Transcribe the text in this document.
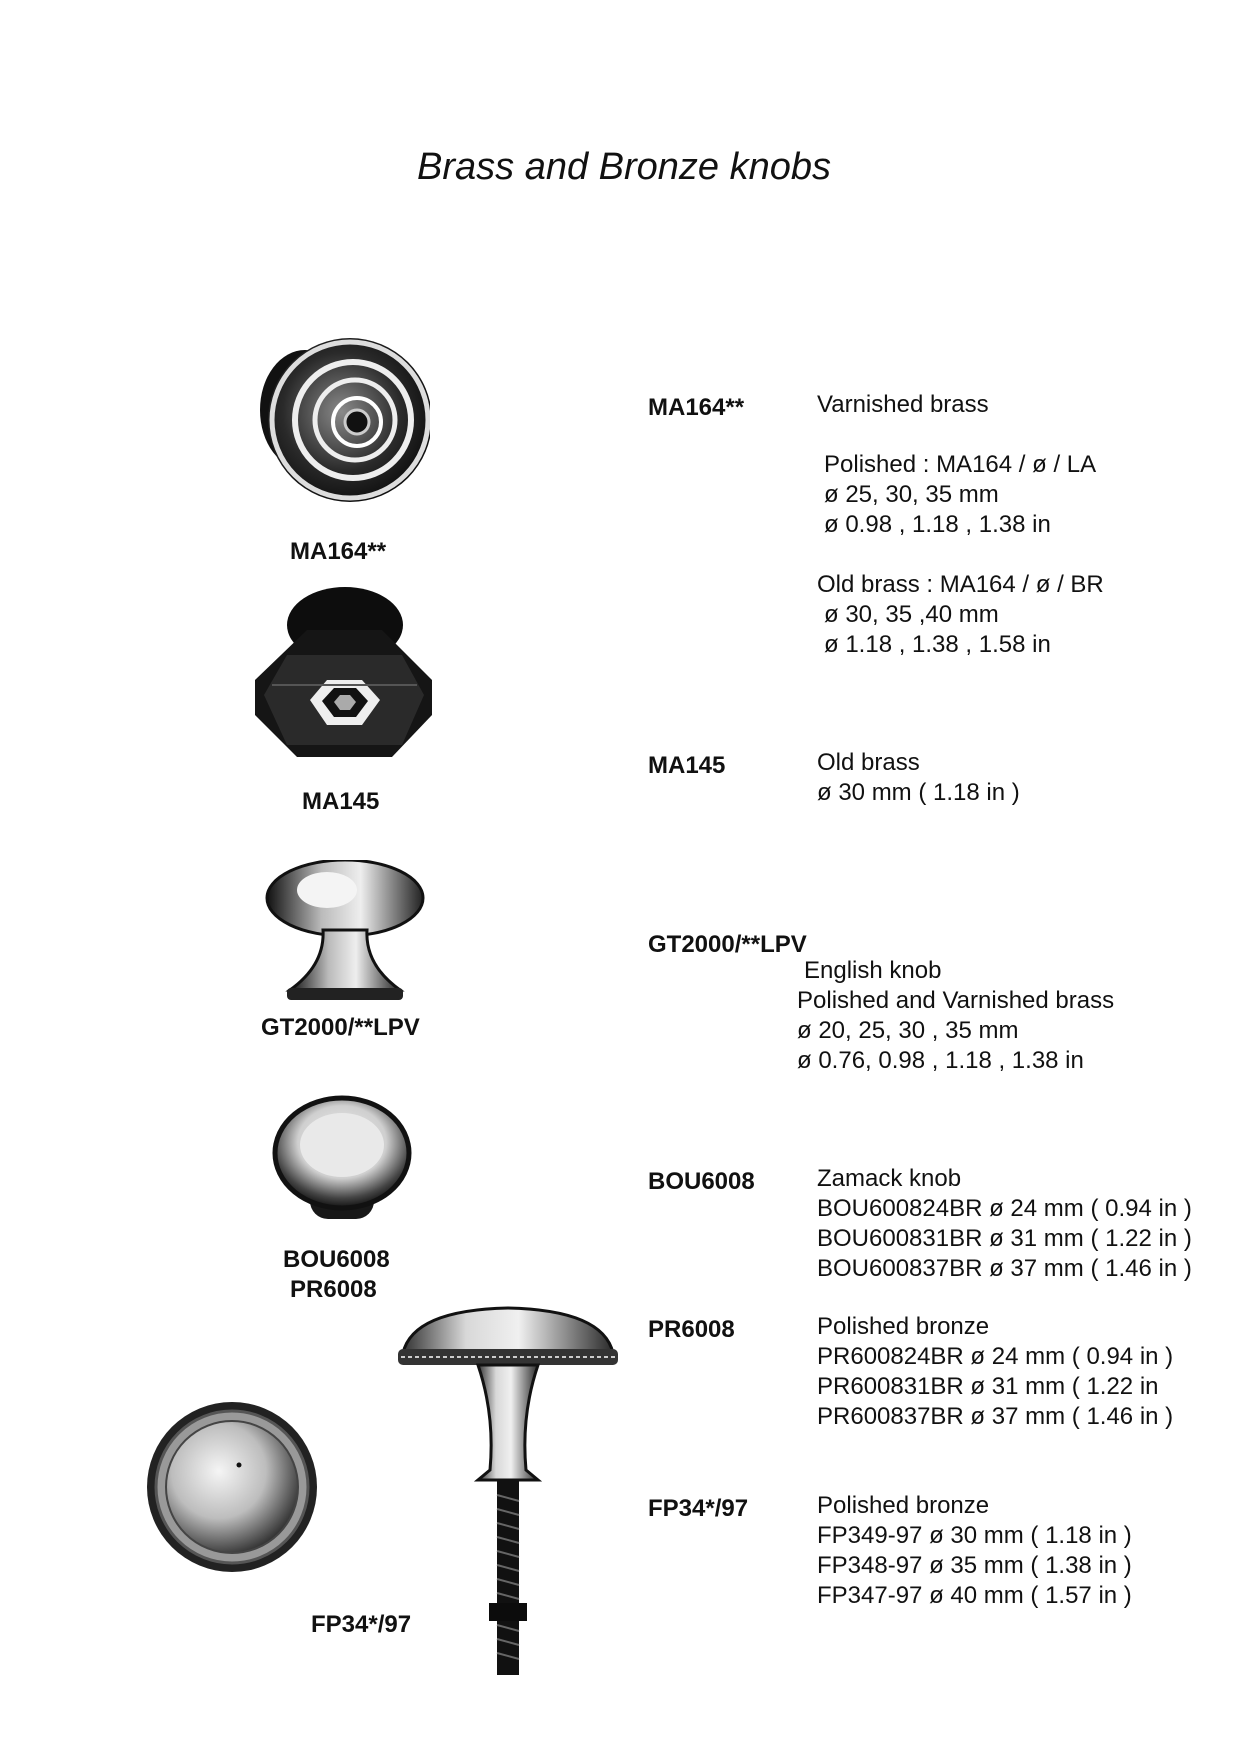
Brass and Bronze knobs
MA164**
MA145
GT2000/**LPV
BOU6008
PR6008
FP34*/97
MA164**	Varnished brass
Polished : MA164 / ø / LA
ø 25, 30, 35 mm
ø 0.98 , 1.18 , 1.38 in
Old brass : MA164 / ø / BR
ø 30, 35 ,40 mm
ø 1.18 , 1.38 , 1.58 in
MA145	Old brass
ø 30 mm ( 1.18 in )
GT2000/**LPV
English knob
Polished and Varnished brass
ø 20, 25, 30 , 35 mm
ø 0.76, 0.98 , 1.18 , 1.38 in
BOU6008	Zamack knob
BOU600824BR ø 24 mm ( 0.94 in )
BOU600831BR ø 31 mm ( 1.22 in )
BOU600837BR ø 37 mm ( 1.46 in )
PR6008	Polished bronze
PR600824BR ø 24 mm ( 0.94 in )
PR600831BR ø 31 mm ( 1.22 in
PR600837BR ø 37 mm ( 1.46 in )
FP34*/97	Polished bronze
FP349-97 ø 30 mm ( 1.18 in )
FP348-97 ø 35 mm ( 1.38 in )
FP347-97 ø 40 mm ( 1.57 in )
